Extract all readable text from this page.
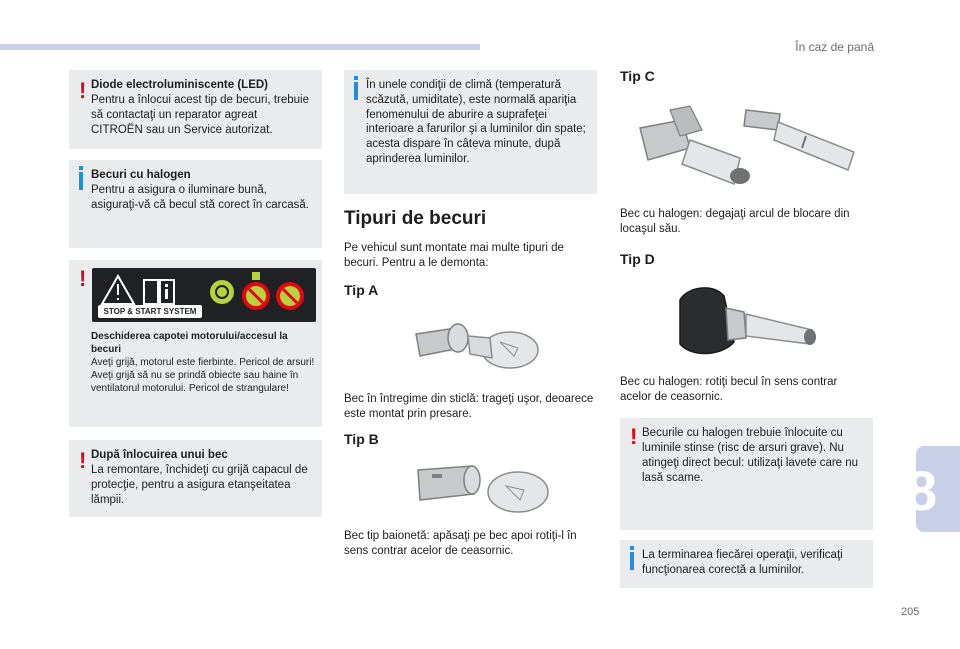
În caz de pană
8
205
! Diode electroluminiscente (LED)
Pentru a înlocui acest tip de becuri, trebuie să contactaţi un reparator agreat CITROËN sau un Service autorizat.
Becuri cu halogen
Pentru a asigura o iluminare bună, asiguraţi-vă că becul stă corect în carcasă.
!
STOP & START SYSTEM
Deschiderea capotei motorului/accesul la becuri
Aveţi grijă, motorul este fierbinte. Pericol de arsuri!
Aveţi grijă să nu se prindă obiecte sau haine în ventilatorul motorului. Pericol de strangulare!
! După înlocuirea unui bec
La remontare, închideţi cu grijă capacul de protecţie, pentru a asigura etanşeitatea lămpii.
În unele condiţii de climă (temperatură scăzută, umiditate), este normală apariţia fenomenului de aburire a suprafeţei interioare a farurilor şi a luminilor din spate; acesta dispare în câteva minute, după aprinderea luminilor.
Tipuri de becuri
Pe vehicul sunt montate mai multe tipuri de becuri. Pentru a le demonta:
Tip A
Bec în întregime din sticlă: trageţi uşor, deoarece este montat prin presare.
Tip B
Bec tip baionetă: apăsaţi pe bec apoi rotiţi-l în sens contrar acelor de ceasornic.
Tip C
Bec cu halogen: degajaţi arcul de blocare din locaşul său.
Tip D
Bec cu halogen: rotiţi becul în sens contrar acelor de ceasornic.
! Becurile cu halogen trebuie înlocuite cu luminile stinse (risc de arsuri grave). Nu atingeţi direct becul: utilizaţi lavete care nu lasă scame.
La terminarea fiecărei operaţii, verificaţi funcţionarea corectă a luminilor.
